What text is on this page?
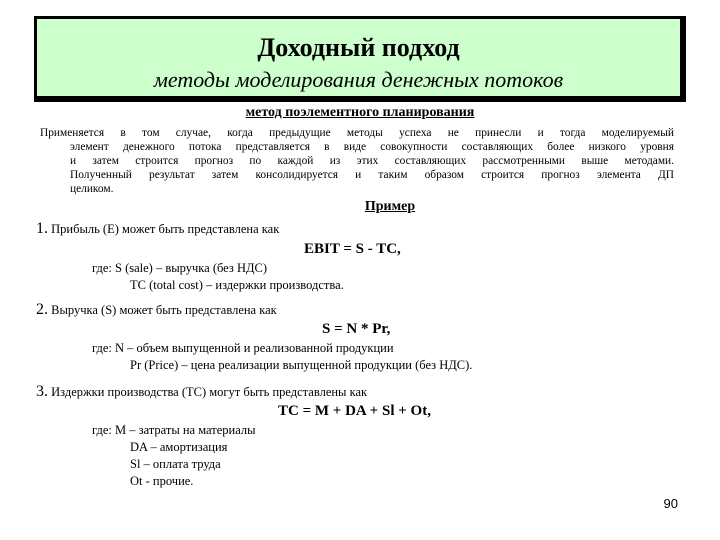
Доходный подход
методы моделирования денежных потоков
метод поэлементного планирования
Применяется в том случае, когда предыдущие методы успеха не принесли и тогда моделируемый
элемент денежного потока представляется в виде совокупности составляющих более низкого уровня
и затем строится прогноз по каждой из этих составляющих рассмотренными выше методами.
Полученный результат затем консолидируется и таким образом строится прогноз элемента ДП
целиком.
Пример
1. Прибыль (Е) может быть представлена как
EBIT = S - TC,
где: S (sale) – выручка (без НДС)
TC (total cost) – издержки производства.
2. Выручка (S) может быть представлена как
S = N * Pr,
где: N – объем выпущенной и реализованной продукции
Pr (Price) – цена реализации выпущенной продукции (без НДС).
3. Издержки производства (TC) могут быть представлены как
TC = M + DA + Sl + Ot,
где: M – затраты на материалы
DA – амортизация
Sl – оплата труда
Ot - прочие.
90
